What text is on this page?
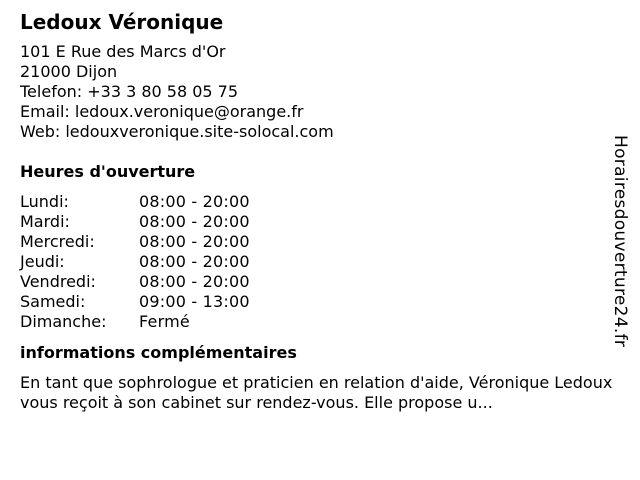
Ledoux Véronique
101 E Rue des Marcs d'Or
21000 Dijon
Telefon: +33 3 80 58 05 75
Email: ledoux.veronique@orange.fr
Web: ledouxveronique.site-solocal.com
Heures d'ouverture
Lundi:	08:00 - 20:00
Mardi:	08:00 - 20:00
Mercredi:	08:00 - 20:00
Jeudi:	08:00 - 20:00
Vendredi:	08:00 - 20:00
Samedi:	09:00 - 13:00
Dimanche:	Fermé
informations complémentaires
En tant que sophrologue et praticien en relation d'aide, Véronique Ledoux vous reçoit à son cabinet sur rendez-vous. Elle propose u...
Horairesdouverture24.fr
